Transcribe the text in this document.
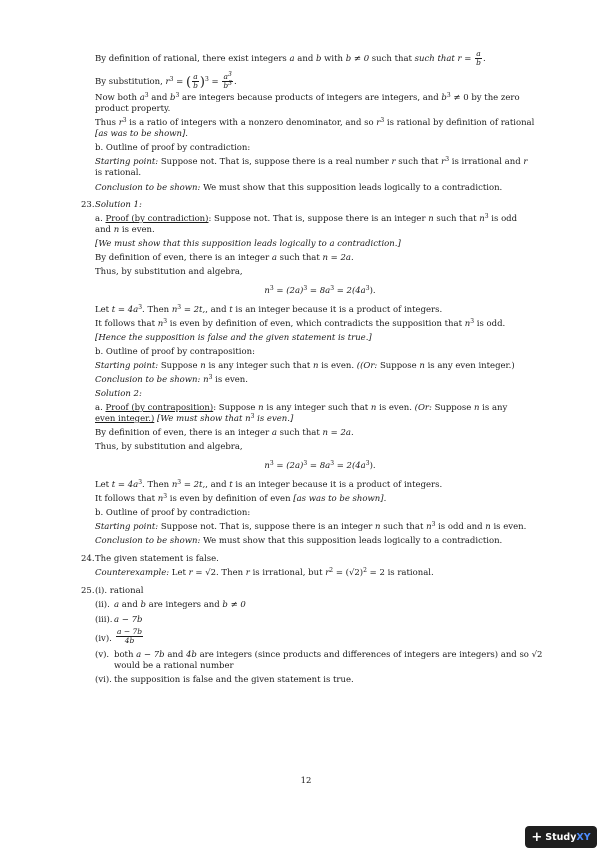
By definition of rational, there exist integers a and b with b ≠ 0 such that such that $r = \frac{a}{b}$ .

By substitution, $r^3$ = ( $\frac{a}{b} )^3 = \frac{a^3}{b^3}$ .

Now both $a^3$ and $b^3$ are integers because products of integers are integers, and $b^3 \ne 0$ by the zero

product property.

Thus $r^3$ is a ratio of integers with a nonzero denominator, and so $r^3$ is rational by definition of rational

[as was to be shown].

b. Outline of proof by contradiction:

Starting point: Suppose not. That is, suppose there is a real number r such that $r^3$ is irrational and r

is rational.

Conclusion to be shown: We must show that this supposition leads logically to a contradiction.

23. Solution 1:

a. Proof (by contradiction): Suppose not. That is, suppose there is an integer n such that $n^3$ is odd

and n is even.

[We must show that this supposition leads logically to a contradiction.]

By definition of even, there is an integer a such that n = 2a.

Thus, by substitution and algebra,

$n^3 = (2a)^3 = 8a^3 = 2(4a^3)$.

Let $t = 4a^3$. Then $n^3 = 2t$,, and t is an integer because it is a product of integers.

It follows that $n^3$ is even by definition of even, which contradicts the supposition that $n^3$ is odd.

[Hence the supposition is false and the given statement is true.]

b. Outline of proof by contraposition:

Starting point: Suppose n is any integer such that n is even. ((Or: Suppose n is any even integer.)

Conclusion to be shown: $n^3$ is even.

Solution 2:

a. Proof (by contraposition): Suppose n is any integer such that n is even. (Or: Suppose n is any

even integer.) [We must show that $n^3$ is even.]

By definition of even, there is an integer a such that n = 2a.

Thus, by substitution and algebra,

$n^3 = (2a)^3 = 8a^3 = 2(4a^3)$.

Let $t = 4a^3$. Then $n^3 = 2t$,, and t is an integer because it is a product of integers.

It follows that $n^3$ is even by definition of even [as was to be shown].

b. Outline of proof by contradiction:

Starting point: Suppose not. That is, suppose there is an integer n such that $n^3$ is odd and n is even.

Conclusion to be shown: We must show that this supposition leads logically to a contradiction.

24. The given statement is false.

Counterexample: Let r = √2. Then r is irrational, but $r^2 = (√2)^2 = 2$ is rational.

25. (i). rational
(ii). a and b are integers and b ≠ 0
(iii). a − 7b
(iv). $\frac{a - 7b}{4b}$
(v). both a − 7b and 4b are integers (since products and differences of integers are integers) and so √2
would be a rational number
(vi). the supposition is false and the given statement is true.
12
+ StudyXY
